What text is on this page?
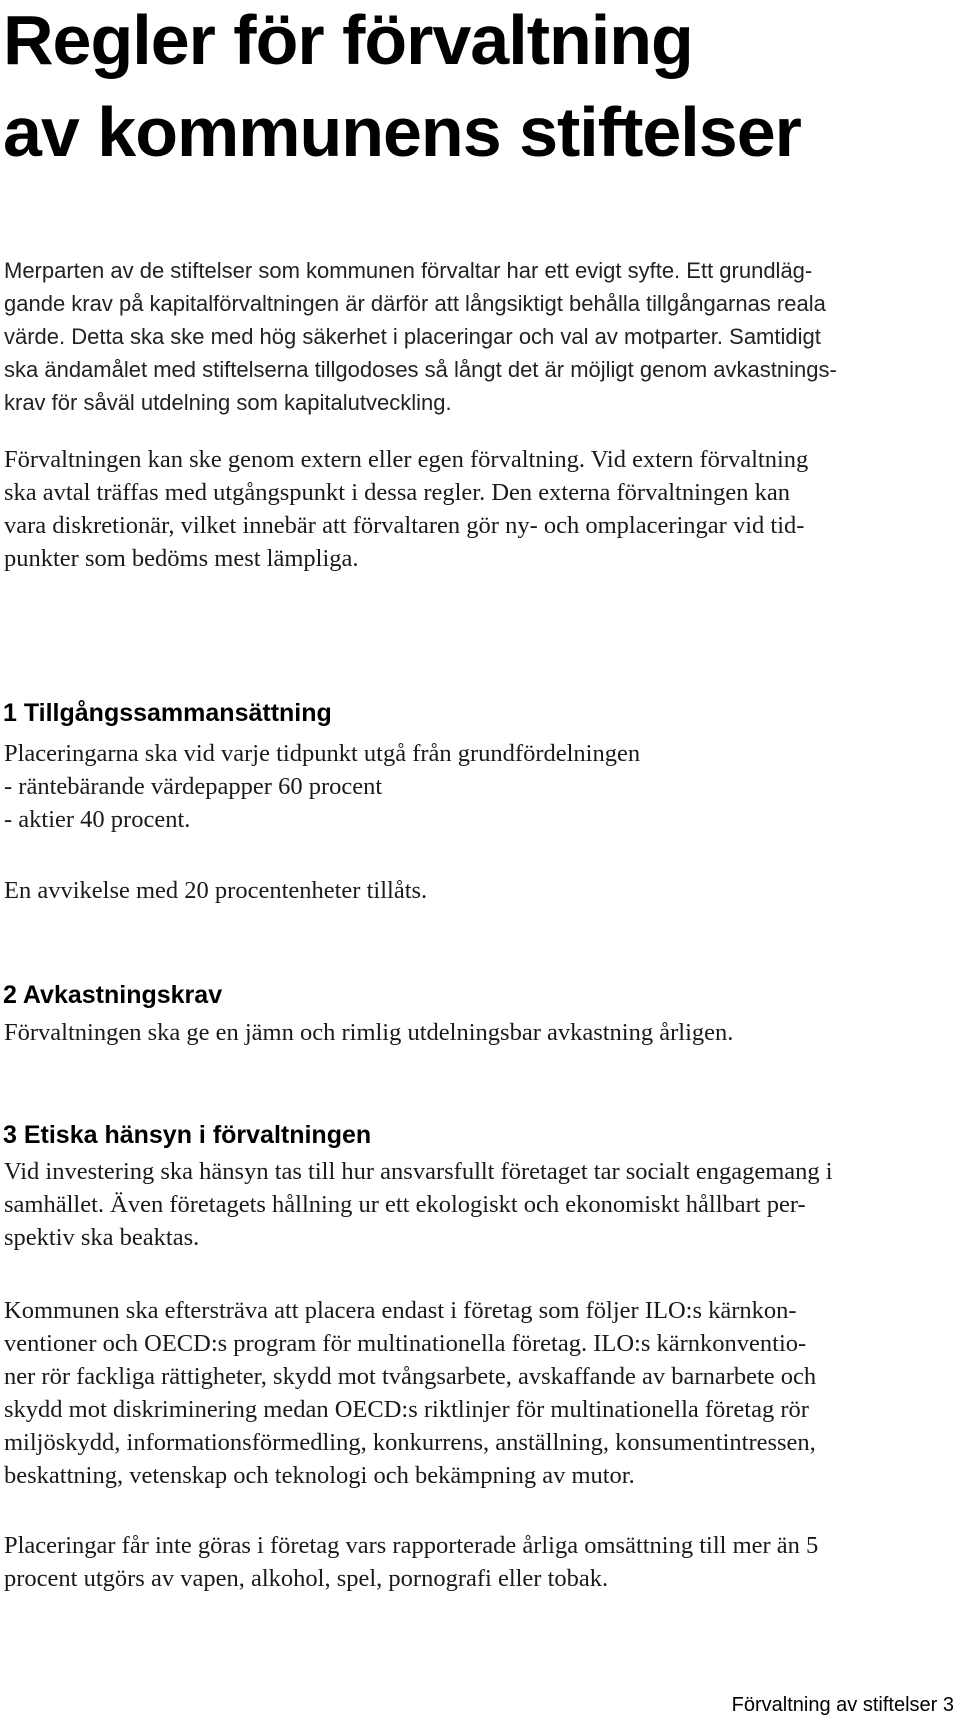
Regler för förvaltning
av kommunens stiftelser

Merparten av de stiftelser som kommunen förvaltar har ett evigt syfte. Ett grundläg-
gande krav på kapitalförvaltningen är därför att långsiktigt behålla tillgångarnas reala
värde. Detta ska ske med hög säkerhet i placeringar och val av motparter. Samtidigt
ska ändamålet med stiftelserna tillgodoses så långt det är möjligt genom avkastnings-
krav för såväl utdelning som kapitalutveckling.

Förvaltningen kan ske genom extern eller egen förvaltning. Vid extern förvaltning
ska avtal träffas med utgångspunkt i dessa regler. Den externa förvaltningen kan
vara diskretionär, vilket innebär att förvaltaren gör ny- och omplaceringar vid tid-
punkter som bedöms mest lämpliga.

1 Tillgångssammansättning

Placeringarna ska vid varje tidpunkt utgå från grundfördelningen
- räntebärande värdepapper 60 procent
- aktier 40 procent.

En avvikelse med 20 procentenheter tillåts.

2 Avkastningskrav

Förvaltningen ska ge en jämn och rimlig utdelningsbar avkastning årligen.

3 Etiska hänsyn i förvaltningen

Vid investering ska hänsyn tas till hur ansvarsfullt företaget tar socialt engagemang i
samhället. Även företagets hållning ur ett ekologiskt och ekonomiskt hållbart per-
spektiv ska beaktas.

Kommunen ska eftersträva att placera endast i företag som följer ILO:s kärnkon-
ventioner och OECD:s program för multinationella företag. ILO:s kärnkonventio-
ner rör fackliga rättigheter, skydd mot tvångsarbete, avskaffande av barnarbete och
skydd mot diskriminering medan OECD:s riktlinjer för multinationella företag rör
miljöskydd, informationsförmedling, konkurrens, anställning, konsumentintressen,
beskattning, vetenskap och teknologi och bekämpning av mutor.

Placeringar får inte göras i företag vars rapporterade årliga omsättning till mer än 5
procent utgörs av vapen, alkohol, spel, pornografi eller tobak.

Förvaltning av stiftelser 3
